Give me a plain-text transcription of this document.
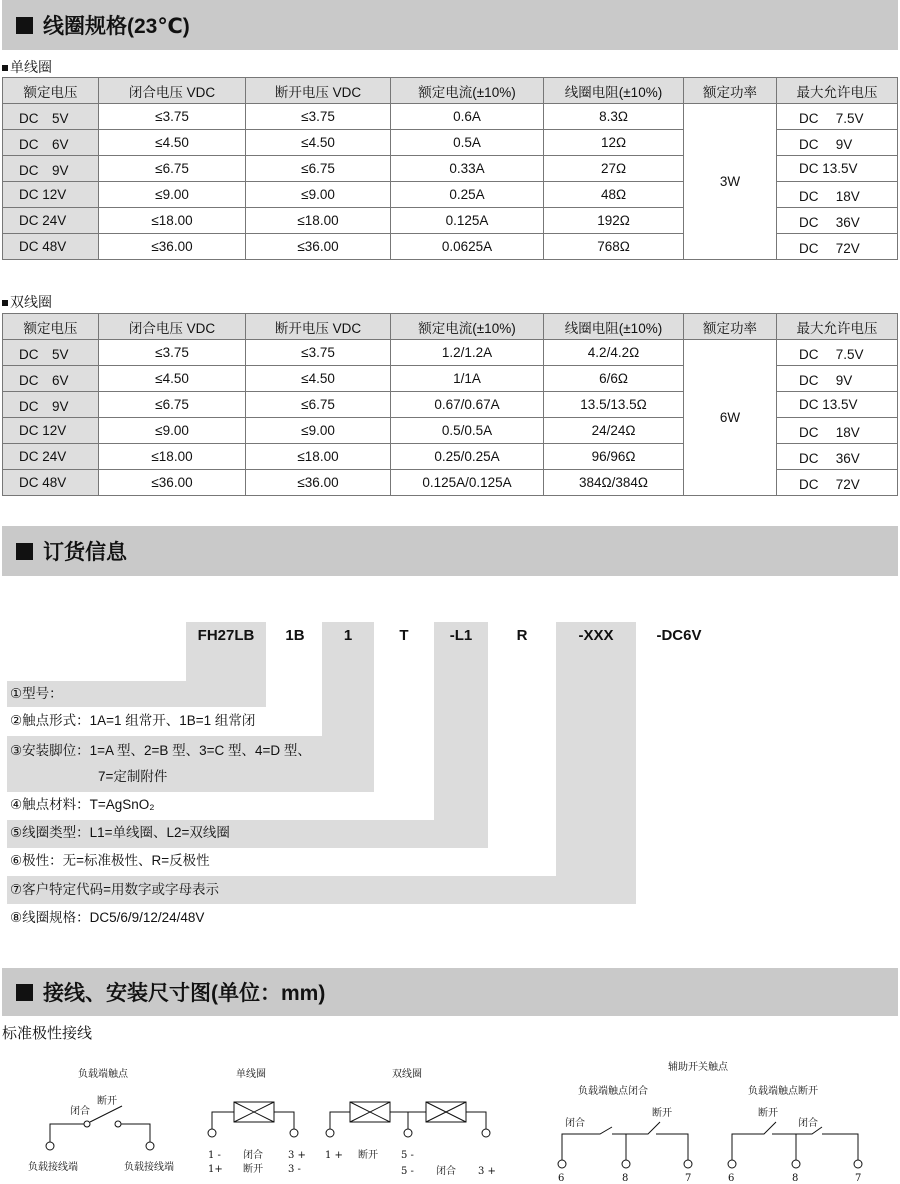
线圈规格(23℃)
单线圈
额定电压	闭合电压 VDC	断开电压 VDC	额定电流(±10%)	线圈电阻(±10%)	额定功率	最大允许电压
DC　5V	≤3.75	≤3.75	0.6A	8.3Ω	3W	DC　 7.5V
DC　6V	≤4.50	≤4.50	0.5A	12Ω		DC　 9V
DC　9V	≤6.75	≤6.75	0.33A	27Ω		DC 13.5V
DC 12V	≤9.00	≤9.00	0.25A	48Ω		DC　 18V
DC 24V	≤18.00	≤18.00	0.125A	192Ω		DC　 36V
DC 48V	≤36.00	≤36.00	0.0625A	768Ω		DC　 72V
双线圈
额定电压	闭合电压 VDC	断开电压 VDC	额定电流(±10%)	线圈电阻(±10%)	额定功率	最大允许电压
DC　5V	≤3.75	≤3.75	1.2/1.2A	4.2/4.2Ω	6W	DC　 7.5V
DC　6V	≤4.50	≤4.50	1/1A	6/6Ω		DC　 9V
DC　9V	≤6.75	≤6.75	0.67/0.67A	13.5/13.5Ω		DC 13.5V
DC 12V	≤9.00	≤9.00	0.5/0.5A	24/24Ω		DC　 18V
DC 24V	≤18.00	≤18.00	0.25/0.25A	96/96Ω		DC　 36V
DC 48V	≤36.00	≤36.00	0.125A/0.125A	384Ω/384Ω		DC　 72V
订货信息
FH27LB	1B	1	T	-L1	R	-XXX	-DC6V
①型号：
②触点形式：1A=1 组常开、1B=1 组常闭
③安装脚位：1=A 型、2=B 型、3=C 型、4=D 型、
7=定制附件
④触点材料：T=AgSnO₂
⑤线圈类型：L1=单线圈、L2=双线圈
⑥极性：无=标准极性、R=反极性
⑦客户特定代码=用数字或字母表示
⑧线圈规格：DC5/6/9/12/24/48V
接线、安装尺寸图(单位：mm)
标准极性接线
负载端触点
断开
闭合
负载接线端	负载接线端
单线圈
1 -
1+
闭合
断开
3 +
3 -
双线圈
1 + 断开 5 -
5 - 闭合 3 +
辅助开关触点
负载端触点闭合	负载端触点断开
闭合
断开
6	8	7
断开
闭合
6	8	7
